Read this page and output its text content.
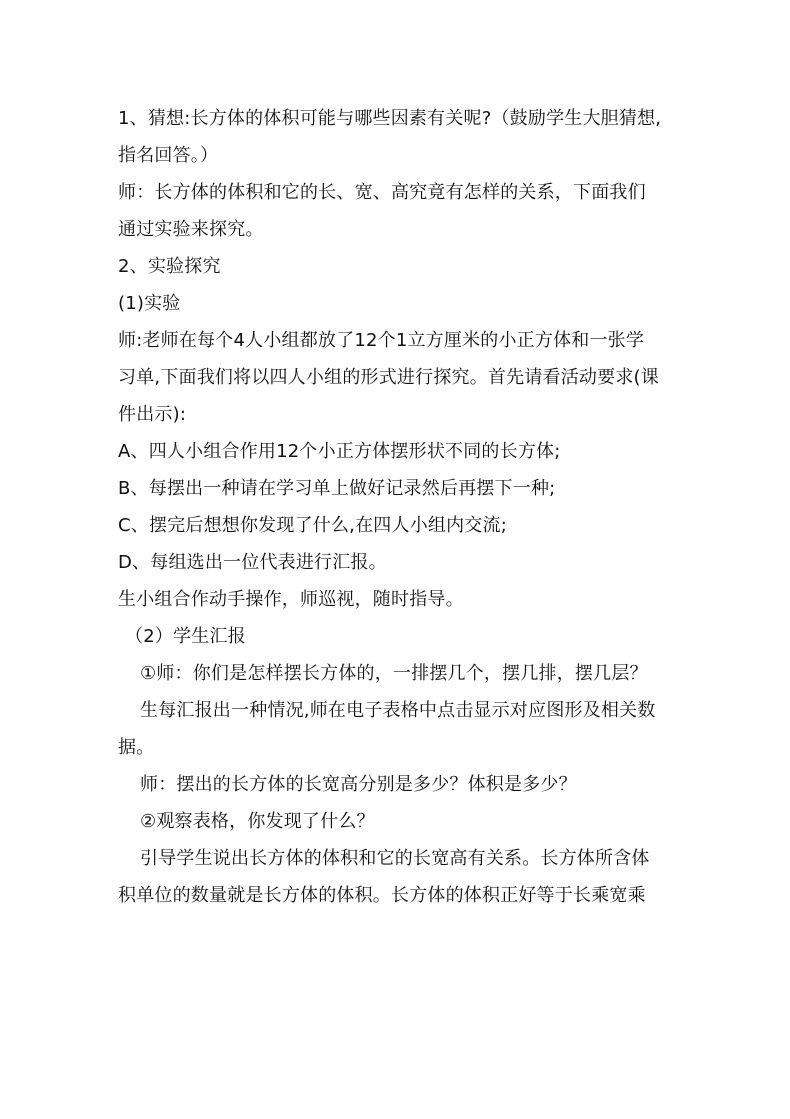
1、猜想:长方体的体积可能与哪些因素有关呢?（鼓励学生大胆猜想,
指名回答。）
师：长方体的体积和它的长、宽、高究竟有怎样的关系，下面我们
通过实验来探究。
2、实验探究
(1)实验
师:老师在每个4人小组都放了12个1立方厘米的小正方体和一张学
习单,下面我们将以四人小组的形式进行探究。首先请看活动要求(课
件出示):
A、四人小组合作用12个小正方体摆形状不同的长方体;
B、每摆出一种请在学习单上做好记录然后再摆下一种;
C、摆完后想想你发现了什么,在四人小组内交流;
D、每组选出一位代表进行汇报。
生小组合作动手操作，师巡视，随时指导。
（2）学生汇报
①师：你们是怎样摆长方体的，一排摆几个，摆几排，摆几层？
生每汇报出一种情况,师在电子表格中点击显示对应图形及相关数
据。
师：摆出的长方体的长宽高分别是多少？体积是多少？
②观察表格，你发现了什么？
引导学生说出长方体的体积和它的长宽高有关系。长方体所含体
积单位的数量就是长方体的体积。长方体的体积正好等于长乘宽乘
